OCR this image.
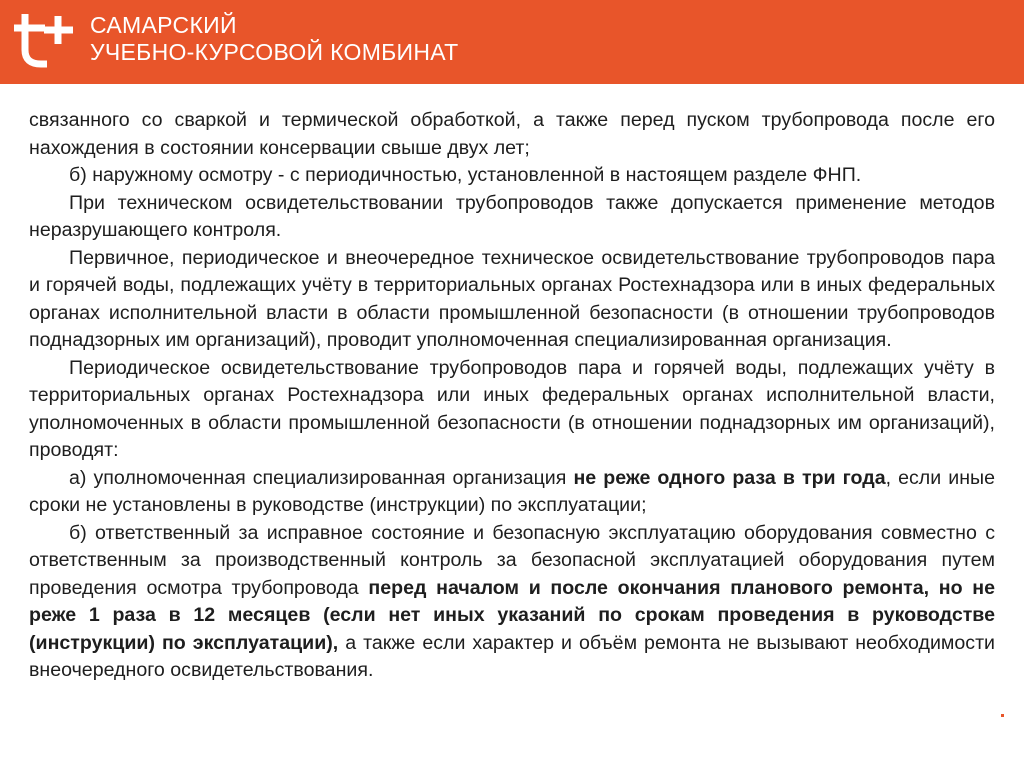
САМАРСКИЙ
УЧЕБНО-КУРСОВОЙ КОМБИНАТ

связанного со сваркой и термической обработкой, а также перед пуском трубопровода после его нахождения в состоянии консервации свыше двух лет;

б) наружному осмотру - с периодичностью, установленной в настоящем разделе ФНП.

При техническом освидетельствовании трубопроводов также допускается применение методов неразрушающего контроля.

Первичное, периодическое и внеочередное техническое освидетельствование трубопроводов пара и горячей воды, подлежащих учёту в территориальных органах Ростехнадзора или в иных федеральных органах исполнительной власти в области промышленной безопасности (в отношении трубопроводов поднадзорных им организаций), проводит уполномоченная специализированная организация.

Периодическое освидетельствование трубопроводов пара и горячей воды, подлежащих учёту в территориальных органах Ростехнадзора или иных федеральных органах исполнительной власти, уполномоченных в области промышленной безопасности (в отношении поднадзорных им организаций), проводят:

а) уполномоченная специализированная организация не реже одного раза в три года, если иные сроки не установлены в руководстве (инструкции) по эксплуатации;

б) ответственный за исправное состояние и безопасную эксплуатацию оборудования совместно с ответственным за производственный контроль за безопасной эксплуатацией оборудования путем проведения осмотра трубопровода перед началом и после окончания планового ремонта, но не реже 1 раза в 12 месяцев (если нет иных указаний по срокам проведения в руководстве (инструкции) по эксплуатации), а также если характер и объём ремонта не вызывают необходимости внеочередного освидетельствования.
